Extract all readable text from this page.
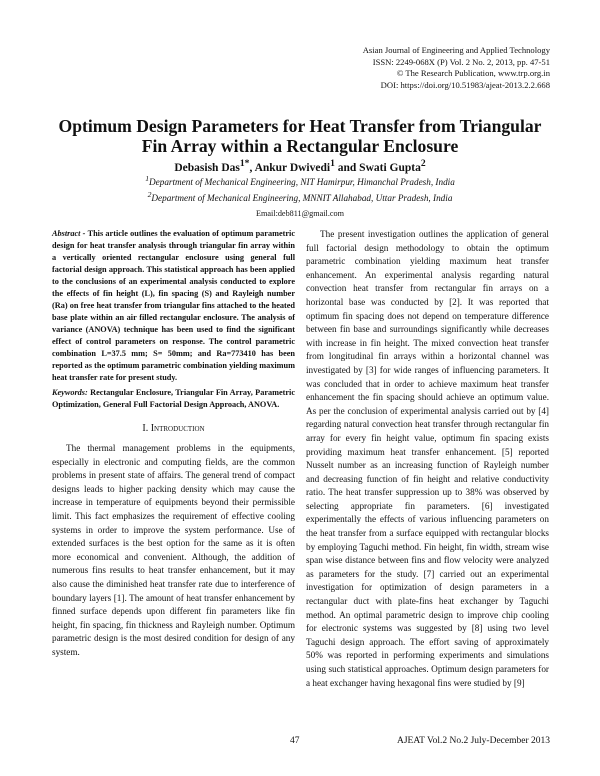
Asian Journal of Engineering and Applied Technology
ISSN: 2249-068X (P) Vol. 2 No. 2, 2013, pp. 47-51
© The Research Publication, www.trp.org.in
DOI: https://doi.org/10.51983/ajeat-2013.2.2.668
Optimum Design Parameters for Heat Transfer from Triangular
Fin Array within a Rectangular Enclosure
Debasish Das$^{1*}$, Ankur Dwivedi$^1$ and Swati Gupta$^2$
$^1$Department of Mechanical Engineering, NIT Hamirpur, Himanchal Pradesh, India
$^2$Department of Mechanical Engineering, MNNIT Allahabad, Uttar Pradesh, India
Email:deb811@gmail.com

Abstract - This article outlines the evaluation of optimum parametric design for heat transfer analysis through triangular fin array within a vertically oriented rectangular enclosure using general full factorial design approach. This statistical approach has been applied to the conclusions of an experimental analysis conducted to explore the effects of fin height (L), fin spacing (S) and Rayleigh number (Ra) on free heat transfer from triangular fins attached to the heated base plate within an air filled rectangular enclosure. The analysis of variance (ANOVA) technique has been used to find the significant effect of control parameters on response. The control parametric combination L=37.5 mm; S= 50mm; and Ra=773410 has been reported as the optimum parametric combination yielding maximum heat transfer rate for present study.

Keywords: Rectangular Enclosure, Triangular Fin Array, Parametric Optimization, General Full Factorial Design Approach, ANOVA.

I. Introduction

The thermal management problems in the equipments, especially in electronic and computing fields, are the common problems in present state of affairs. The general trend of compact designs leads to higher packing density which may cause the increase in temperature of equipments beyond their permissible limit. This fact emphasizes the requirement of effective cooling systems in order to improve the system performance. Use of extended surfaces is the best option for the same as it is often more economical and convenient. Although, the addition of numerous fins results to heat transfer enhancement, but it may also cause the diminished heat transfer rate due to interference of boundary layers [1]. The amount of heat transfer enhancement by finned surface depends upon different fin parameters like fin height, fin spacing, fin thickness and Rayleigh number. Optimum parametric design is the most desired condition for design of any system.

The present investigation outlines the application of general full factorial design methodology to obtain the optimum parametric combination yielding maximum heat transfer enhancement. An experimental analysis regarding natural convection heat transfer from rectangular fin arrays on a horizontal base was conducted by [2]. It was reported that optimum fin spacing does not depend on temperature difference between fin base and surroundings significantly while decreases with increase in fin height. The mixed convection heat transfer from longitudinal fin arrays within a horizontal channel was investigated by [3] for wide ranges of influencing parameters. It was concluded that in order to achieve maximum heat transfer enhancement the fin spacing should achieve an optimum value. As per the conclusion of experimental analysis carried out by [4] regarding natural convection heat transfer through rectangular fin array for every fin height value, optimum fin spacing exists providing maximum heat transfer enhancement. [5] reported Nusselt number as an increasing function of Rayleigh number and decreasing function of fin height and relative conductivity ratio. The heat transfer suppression up to 38% was observed by selecting appropriate fin parameters. [6] investigated experimentally the effects of various influencing parameters on the heat transfer from a surface equipped with rectangular blocks by employing Taguchi method. Fin height, fin width, stream wise span wise distance between fins and flow velocity were analyzed as parameters for the study. [7] carried out an experimental investigation for optimization of design parameters in a rectangular duct with plate-fins heat exchanger by Taguchi method. An optimal parametric design to improve chip cooling for electronic systems was suggested by [8] using two level Taguchi design approach. The effort saving of approximately 50% was reported in performing experiments and simulations using such statistical approaches. Optimum design parameters for a heat exchanger having hexagonal fins were studied by [9]

47	AJEAT Vol.2 No.2 July-December 2013
